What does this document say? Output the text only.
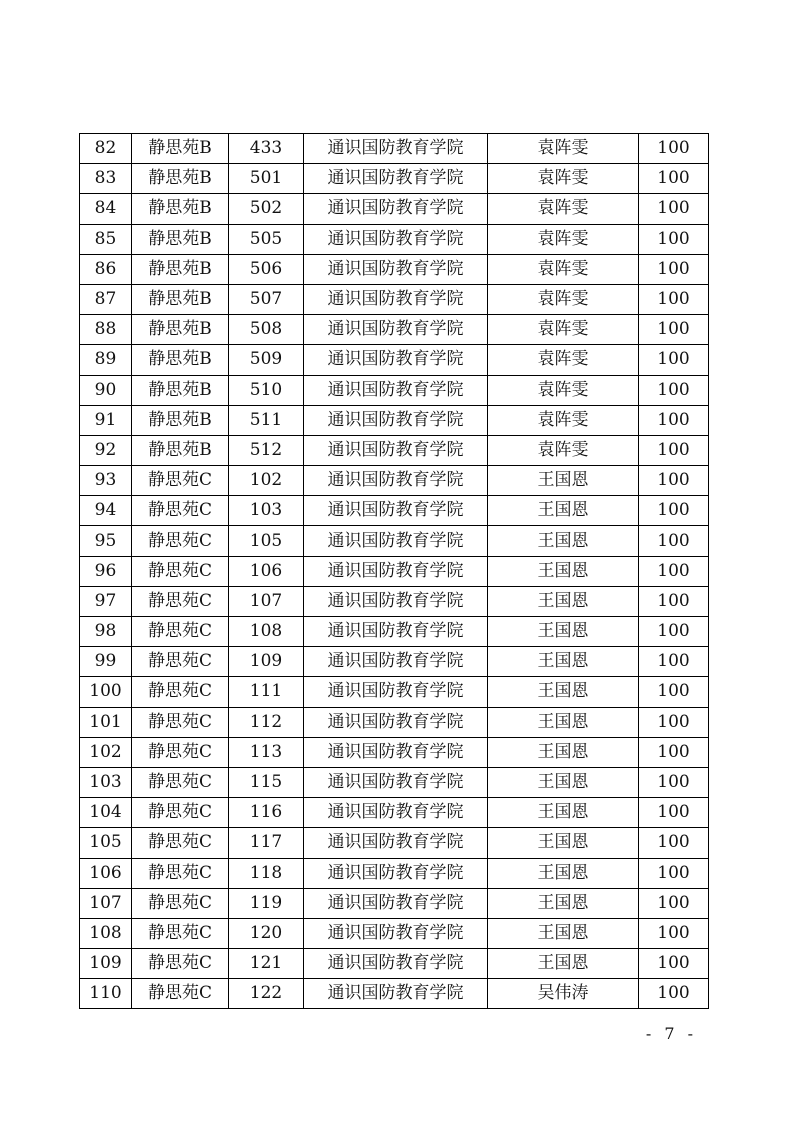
82	静思苑B	433	通识国防教育学院	袁阵雯	100
83	静思苑B	501	通识国防教育学院	袁阵雯	100
84	静思苑B	502	通识国防教育学院	袁阵雯	100
85	静思苑B	505	通识国防教育学院	袁阵雯	100
86	静思苑B	506	通识国防教育学院	袁阵雯	100
87	静思苑B	507	通识国防教育学院	袁阵雯	100
88	静思苑B	508	通识国防教育学院	袁阵雯	100
89	静思苑B	509	通识国防教育学院	袁阵雯	100
90	静思苑B	510	通识国防教育学院	袁阵雯	100
91	静思苑B	511	通识国防教育学院	袁阵雯	100
92	静思苑B	512	通识国防教育学院	袁阵雯	100
93	静思苑C	102	通识国防教育学院	王国恩	100
94	静思苑C	103	通识国防教育学院	王国恩	100
95	静思苑C	105	通识国防教育学院	王国恩	100
96	静思苑C	106	通识国防教育学院	王国恩	100
97	静思苑C	107	通识国防教育学院	王国恩	100
98	静思苑C	108	通识国防教育学院	王国恩	100
99	静思苑C	109	通识国防教育学院	王国恩	100
100	静思苑C	111	通识国防教育学院	王国恩	100
101	静思苑C	112	通识国防教育学院	王国恩	100
102	静思苑C	113	通识国防教育学院	王国恩	100
103	静思苑C	115	通识国防教育学院	王国恩	100
104	静思苑C	116	通识国防教育学院	王国恩	100
105	静思苑C	117	通识国防教育学院	王国恩	100
106	静思苑C	118	通识国防教育学院	王国恩	100
107	静思苑C	119	通识国防教育学院	王国恩	100
108	静思苑C	120	通识国防教育学院	王国恩	100
109	静思苑C	121	通识国防教育学院	王国恩	100
110	静思苑C	122	通识国防教育学院	吴伟涛	100
- 7 -
